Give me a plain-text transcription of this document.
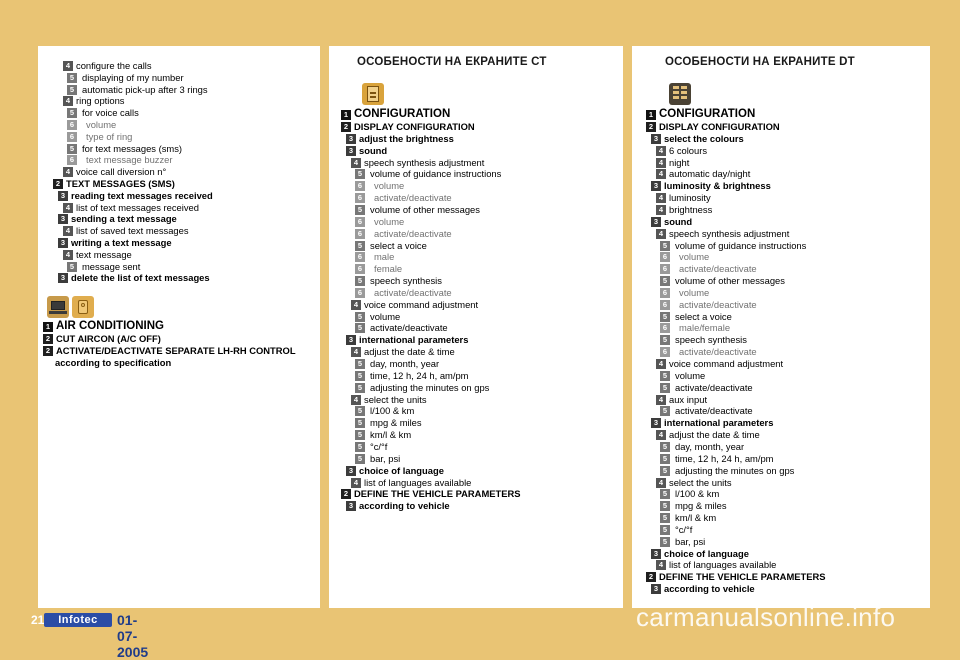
4 configure the calls
5 displaying of my number
5 automatic pick-up after 3 rings
4 ring options
5 for voice calls
6	volume
6	type of ring
5 for text messages (sms)
6	text message buzzer
4 voice call diversion n°
2 TEXT MESSAGES (SMS)
3 reading text messages received
4 list of text messages received
3 sending a text message
4 list of saved text messages
3 writing a text message
4 text message
5 message sent
3 delete the list of text messages
1 AIR CONDITIONING
2 CUT AIRCON (A/C OFF)
2 ACTIVATE/DEACTIVATE SEPARATE LH-RH CONTROL
according to specification
ОСОБЕНОСТИ НА ЕКРАНИТЕ СТ
1 CONFIGURATION
2 DISPLAY CONFIGURATION
3 adjust the brightness
3 sound
4 speech synthesis adjustment
5 volume of guidance instructions
6	volume
6	activate/deactivate
5 volume of other messages
6	volume
6	activate/deactivate
5 select a voice
6	male
6	female
5 speech synthesis
6	activate/deactivate
4 voice command adjustment
5 volume
5 activate/deactivate
3 international parameters
4 adjust the date & time
5 day, month, year
5 time, 12 h, 24 h, am/pm
5 adjusting the minutes on gps
4 select the units
5 l/100 & km
5 mpg & miles
5 km/l & km
5 °c/°f
5 bar, psi
3 choice of language
4 list of languages available
2 DEFINE THE VEHICLE PARAMETERS
3 according to vehicle
ОСОБЕНОСТИ НА ЕКРАНИТЕ DT
1 CONFIGURATION
2 DISPLAY CONFIGURATION
3 select the colours
4 6 colours
4 night
4 automatic day/night
3 luminosity & brightness
4 luminosity
4 brightness
3 sound
4 speech synthesis adjustment
5 volume of guidance instructions
6	volume
6	activate/deactivate
5 volume of other messages
6	volume
6	activate/deactivate
5 select a voice
6	male/female
5 speech synthesis
6	activate/deactivate
4 voice command adjustment
5 volume
5 activate/deactivate
4 aux input
5 activate/deactivate
3 international parameters
4 adjust the date & time
5 day, month, year
5 time, 12 h, 24 h, am/pm
5 adjusting the minutes on gps
4 select the units
5 l/100 & km
5 mpg & miles
5 km/l & km
5 °c/°f
5 bar, psi
3 choice of language
4 list of languages available
2 DEFINE THE VEHICLE PARAMETERS
3 according to vehicle
21	Infotec	01-07-2005
carmanualsonline.info
